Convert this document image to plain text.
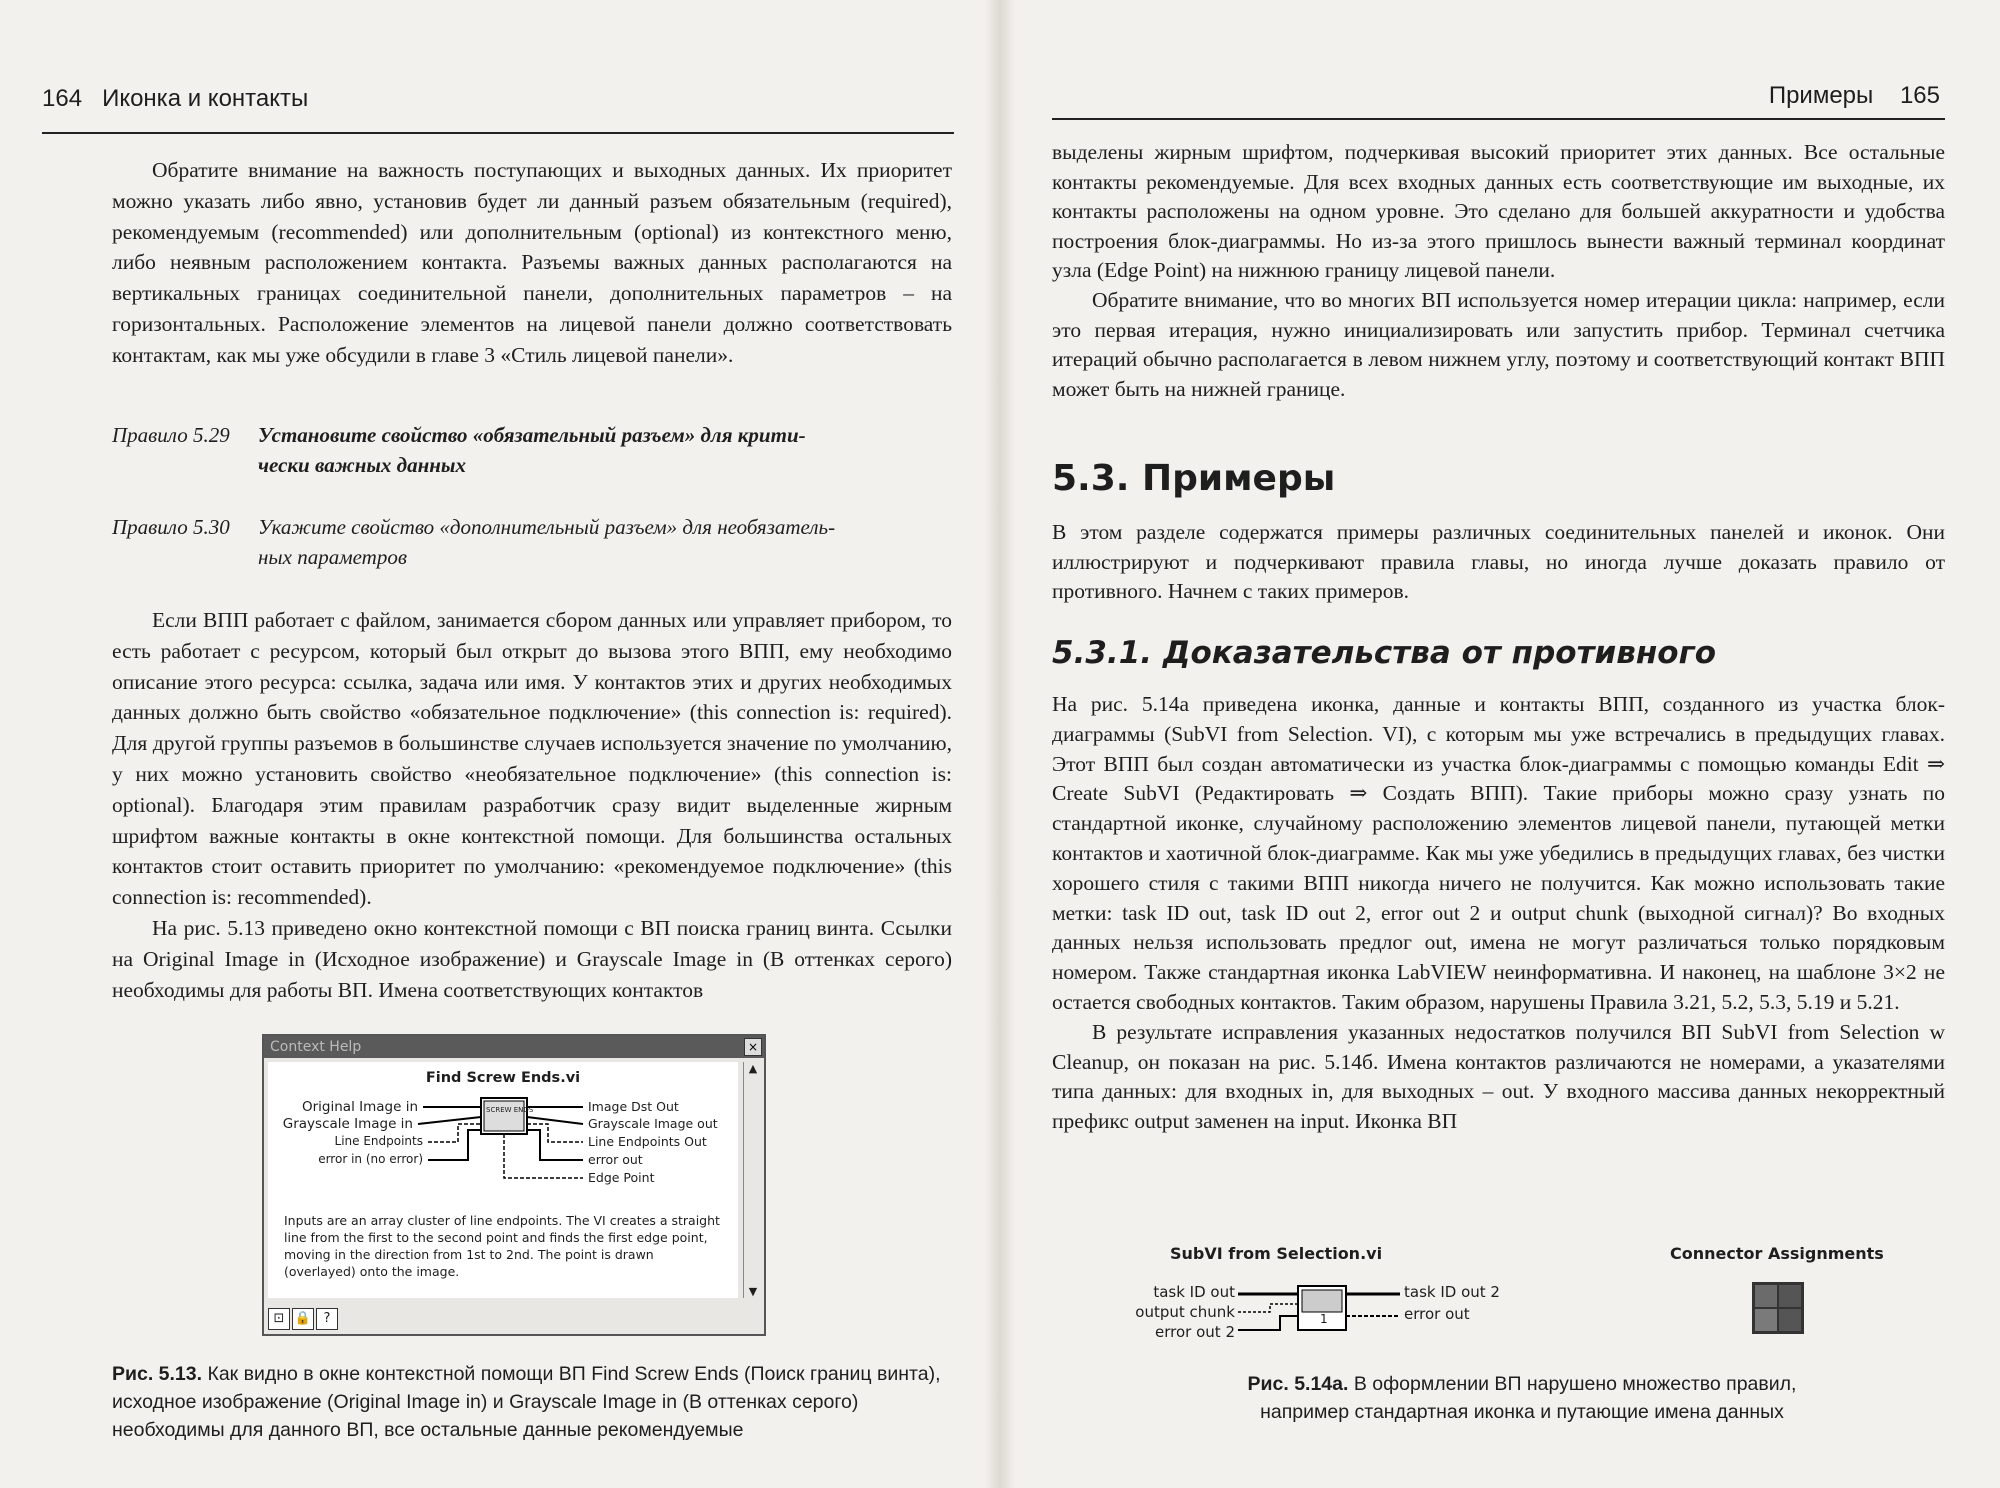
164 Иконка и контакты

Обратите внимание на важность поступающих и выходных данных. Их приоритет можно указать либо явно, установив будет ли данный разъем обязательным (required), рекомендуемым (recommended) или дополнительным (optional) из контекстного меню, либо неявным расположением контакта. Разъемы важных данных располагаются на вертикальных границах соединительной панели, дополнительных параметров – на горизонтальных. Расположение элементов на лицевой панели должно соответствовать контактам, как мы уже обсудили в главе 3 «Стиль лицевой панели».

Правило 5.29 Установите свойство «обязательный разъем» для крити-
чески важных данных
Правило 5.30 Укажите свойство «дополнительный разъем» для необязатель-
ных параметров

Если ВПП работает с файлом, занимается сбором данных или управляет прибором, то есть работает с ресурсом, который был открыт до вызова этого ВПП, ему необходимо описание этого ресурса: ссылка, задача или имя. У контактов этих и других необходимых данных должно быть свойство «обязательное подключение» (this connection is: required). Для другой группы разъемов в большинстве случаев используется значение по умолчанию, у них можно установить свойство «необязательное подключение» (this connection is: optional). Благодаря этим правилам разработчик сразу видит выделенные жирным шрифтом важные контакты в окне контекстной помощи. Для большинства остальных контактов стоит оставить приоритет по умолчанию: «рекомендуемое подключение» (this connection is: recommended).

На рис. 5.13 приведено окно контекстной помощи с ВП поиска границ винта. Ссылки на Original Image in (Исходное изображение) и Grayscale Image in (В оттенках серого) необходимы для работы ВП. Имена соответствующих контактов

Context Help	×
Find Screw Ends.vi
SCREW ENDS
Original Image in
Grayscale Image in
Line Endpoints
error in (no error)
Image Dst Out
Grayscale Image out
Line Endpoints Out
error out
Edge Point
Inputs are an array cluster of line endpoints. The VI creates a straight line from the first to the second point and finds the first edge point, moving in the direction from 1st to 2nd. The point is drawn (overlayed) onto the image.
▲
▼
⊡ 🔒 ?
Рис. 5.13. Как видно в окне контекстной помощи ВП Find Screw Ends (Поиск границ винта), исходное изображение (Original Image in) и Grayscale Image in (В оттенках серого) необходимы для данного ВП, все остальные данные рекомендуемые
Примеры 165

выделены жирным шрифтом, подчеркивая высокий приоритет этих данных. Все остальные контакты рекомендуемые. Для всех входных данных есть соответствующие им выходные, их контакты расположены на одном уровне. Это сделано для большей аккуратности и удобства построения блок-диаграммы. Но из-за этого пришлось вынести важный терминал координат узла (Edge Point) на нижнюю границу лицевой панели.

Обратите внимание, что во многих ВП используется номер итерации цикла: например, если это первая итерация, нужно инициализировать или запустить прибор. Терминал счетчика итераций обычно располагается в левом нижнем углу, поэтому и соответствующий контакт ВПП может быть на нижней границе.

5.3. Примеры

В этом разделе содержатся примеры различных соединительных панелей и иконок. Они иллюстрируют и подчеркивают правила главы, но иногда лучше доказать правило от противного. Начнем с таких примеров.

5.3.1. Доказательства от противного

На рис. 5.14а приведена иконка, данные и контакты ВПП, созданного из участка блок-диаграммы (SubVI from Selection. VI), с которым мы уже встречались в предыдущих главах. Этот ВПП был создан автоматически из участка блок-диаграммы с помощью команды Edit ⇒ Create SubVI (Редактировать ⇒ Создать ВПП). Такие приборы можно сразу узнать по стандартной иконке, случайному расположению элементов лицевой панели, путающей метки контактов и хаотичной блок-диаграмме. Как мы уже убедились в предыдущих главах, без чистки хорошего стиля с такими ВПП никогда ничего не получится. Как можно использовать такие метки: task ID out, task ID out 2, error out 2 и output chunk (выходной сигнал)? Во входных данных нельзя использовать предлог out, имена не могут различаться только порядковым номером. Также стандартная иконка LabVIEW неинформативна. И наконец, на шаблоне 3×2 не остается свободных контактов. Таким образом, нарушены Правила 3.21, 5.2, 5.3, 5.19 и 5.21.

В результате исправления указанных недостатков получился ВП SubVI from Selection w Cleanup, он показан на рис. 5.14б. Имена контактов различаются не номерами, а указателями типа данных: для входных in, для выходных – out. У входного массива данных некорректный префикс output заменен на input. Иконка ВП

SubVI from Selection.vi	Connector Assignments
1
task ID out
output chunk
error out 2
task ID out 2
error out
Рис. 5.14а. В оформлении ВП нарушено множество правил,
например стандартная иконка и путающие имена данных
